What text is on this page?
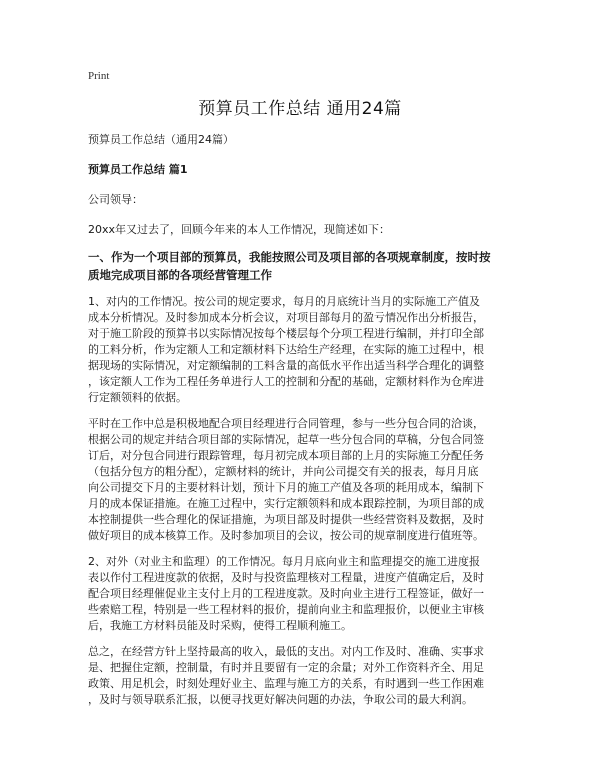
Print
预算员工作总结 通用24篇

预算员工作总结（通用24篇）

预算员工作总结 篇1

公司领导：

20xx年又过去了，回顾今年来的本人工作情况，现简述如下：

一、作为一个项目部的预算员，我能按照公司及项目部的各项规章制度，按时按

质地完成项目部的各项经营管理工作

1、对内的工作情况。按公司的规定要求，每月的月底统计当月的实际施工产值及

成本分析情况。及时参加成本分析会议，对项目部每月的盈亏情况作出分析报告，

对于施工阶段的预算书以实际情况按每个楼层每个分项工程进行编制，并打印全部

的工料分析，作为定额人工和定额材料下达给生产经理，在实际的施工过程中，根

据现场的实际情况，对定额编制的工料含量的高低水平作出适当科学合理化的调整

，该定额人工作为工程任务单进行人工的控制和分配的基础，定额材料作为仓库进

行定额领料的依据。

平时在工作中总是积极地配合项目经理进行合同管理，参与一些分包合同的洽谈，

根据公司的规定并结合项目部的实际情况，起草一些分包合同的草稿，分包合同签

订后，对分包合同进行跟踪管理，每月初完成本项目部的上月的实际施工分配任务

（包括分包方的粗分配），定额材料的统计，并向公司提交有关的报表，每月月底

向公司提交下月的主要材料计划，预计下月的施工产值及各项的耗用成本，编制下

月的成本保证措施。在施工过程中，实行定额领料和成本跟踪控制，为项目部的成

本控制提供一些合理化的保证措施，为项目部及时提供一些经营资料及数据，及时

做好项目的成本核算工作。及时参加项目的会议，按公司的规章制度进行值班等。

2、对外（对业主和监理）的工作情况。每月月底向业主和监理提交的施工进度报

表以作付工程进度款的依据，及时与投资监理核对工程量，进度产值确定后，及时

配合项目经理催促业主支付上月的工程进度款。及时向业主进行工程签证，做好一

些索赔工程，特别是一些工程材料的报价，提前向业主和监理报价，以便业主审核

后，我施工方材料员能及时采购，使得工程顺利施工。

总之，在经营方针上坚持最高的收入，最低的支出。对内工作及时、准确、实事求

是、把握住定额，控制量，有时并且要留有一定的余量；对外工作资料齐全、用足

政策、用足机会，时刻处理好业主、监理与施工方的关系，有时遇到一些工作困难

，及时与领导联系汇报，以便寻找更好解决问题的办法，争取公司的最大利润。
